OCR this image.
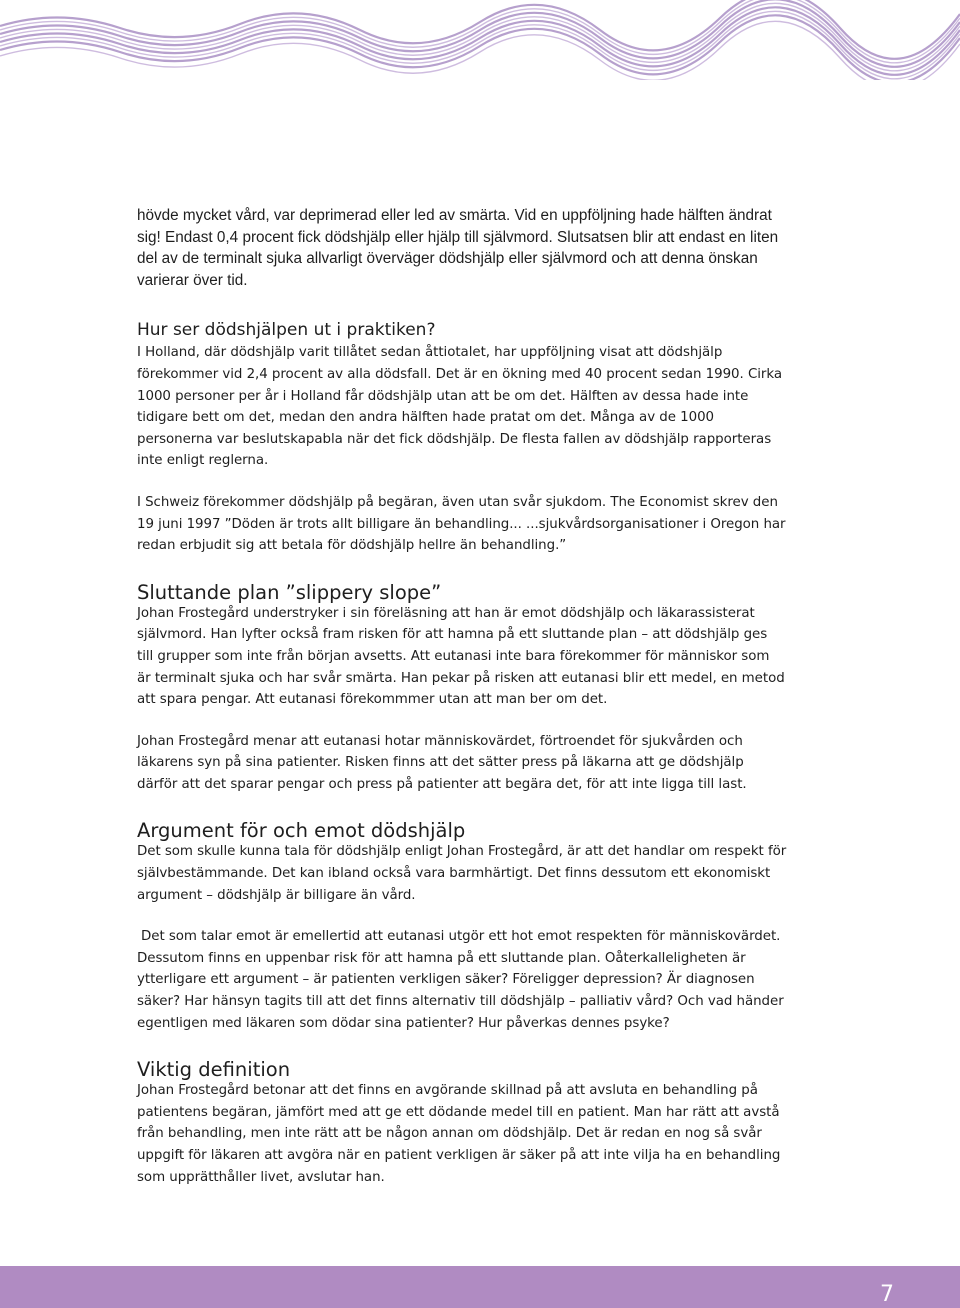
hövde mycket vård, var deprimerad eller led av smärta. Vid en uppföljning hade hälften ändrat sig! Endast 0,4 procent fick dödshjälp eller hjälp till självmord. Slutsatsen blir att endast en liten del av de terminalt sjuka allvarligt överväger dödshjälp eller självmord och att denna önskan varierar över tid.

Hur ser dödshjälpen ut i praktiken?

I Holland, där dödshjälp varit tillåtet sedan åttiotalet, har uppföljning visat att dödshjälp förekommer vid 2,4 procent av alla dödsfall. Det är en ökning med 40 procent sedan 1990. Cirka 1000 personer per år i Holland får dödshjälp utan att be om det. Hälften av dessa hade inte tidigare bett om det, medan den andra hälften hade pratat om det. Många av de 1000 personerna var beslutskapabla när det fick dödshjälp. De flesta fallen av dödshjälp rapporteras inte enligt reglerna.

I Schweiz förekommer dödshjälp på begäran, även utan svår sjukdom. The Economist skrev den 19 juni 1997 ”Döden är trots allt billigare än behandling... ...sjukvårdsorganisationer i Oregon har redan erbjudit sig att betala för dödshjälp hellre än behandling.”

Sluttande plan ”slippery slope”

Johan Frostegård understryker i sin föreläsning att han är emot dödshjälp och läkarassisterat självmord. Han lyfter också fram risken för att hamna på ett sluttande plan – att dödshjälp ges till grupper som inte från början avsetts. Att eutanasi inte bara förekommer för människor som är terminalt sjuka och har svår smärta. Han pekar på risken att eutanasi blir ett medel, en metod att spara pengar. Att eutanasi förekommmer utan att man ber om det.

Johan Frostegård menar att eutanasi hotar människovärdet, förtroendet för sjukvården och läkarens syn på sina patienter. Risken finns att det sätter press på läkarna att ge dödshjälp därför att det sparar pengar och press på patienter att begära det, för att inte ligga till last.

Argument för och emot dödshjälp

Det som skulle kunna tala för dödshjälp enligt Johan Frostegård, är att det handlar om respekt för självbestämmande. Det kan ibland också vara barmhärtigt. Det finns dessutom ett ekonomiskt argument – dödshjälp är billigare än vård.

Det som talar emot är emellertid att eutanasi utgör ett hot emot respekten för människovärdet. Dessutom finns en uppenbar risk för att hamna på ett sluttande plan. Oåterkalleligheten är ytterligare ett argument – är patienten verkligen säker? Föreligger depression? Är diagnosen säker? Har hänsyn tagits till att det finns alternativ till dödshjälp – palliativ vård? Och vad händer egentligen med läkaren som dödar sina patienter? Hur påverkas dennes psyke?

Viktig definition

Johan Frostegård betonar att det finns en avgörande skillnad på att avsluta en behandling på patientens begäran, jämfört med att ge ett dödande medel till en patient. Man har rätt att avstå från behandling, men inte rätt att be någon annan om dödshjälp. Det är redan en nog så svår uppgift för läkaren att avgöra när en patient verkligen är säker på att inte vilja ha en behandling som upprätthåller livet, avslutar han.

7
